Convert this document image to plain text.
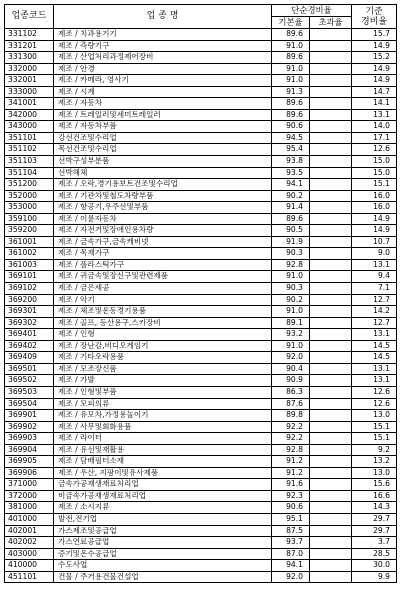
업종코드	업 종 명	단순경비율		기준
경비율
		기본율	초과율	
331102	제조 / 치과용기기	89.6		15.7
331201	제조 / 측량기구	91.0		14.9
331300	제조 / 산업처리과정제어장비	89.6		15.2
332000	제조 / 안경	91.0		14.9
332001	제조 / 카메라, 영사기	91.0		14.9
333000	제조 / 시계	91.3		14.7
341001	제조 / 자동차	89.6		14.1
342000	제조 / 트레일러및세미트레일러	89.6		13.1
343000	제조 / 자동차부품	90.6		14.0
351101	강선건조및수리업	94.5		17.1
351102	목선건조및수리업	95.4		12.6
351103	선박구성부분품	93.8		15.0
351104	선박해체	93.5		15.0
351200	제조 / 오락,경기용보트건조및수리업	94.1		15.1
352000	제조 / 기관차및철도차량부품	90.2		16.0
353000	제조 / 항공기,우주선및부품	91.4		16.0
359100	제조 / 이륜자동차	89.6		14.9
359200	제조 / 자전거및장애인용차량	90.5		14.9
361001	제조 / 금속가구,금속캐비넷	91.9		10.7
361002	제조 / 목재가구	90.3		9.0
361003	제조 / 플라스틱가구	92.8		13.1
369101	제조 / 귀금속및장신구및관련제품	91.0		9.4
369102	제조 / 금은세공	90.3		7.1
369200	제조 / 악기	90.2		12.7
369301	제조 / 체조및운동경기용품	91.0		14.2
369302	제조 / 골프, 등산용구,스키장비	89.1		12.7
369401	제조 / 인형	93.2		13.1
369402	제조 / 장난감,비디오게임기	91.0		14.5
369409	제조 / 기타오락용품	92.0		14.5
369501	제조 / 모조장신품	90.4		13.1
369502	제조 / 가발	90.9		13.1
369503	제조 / 인형및부품	86.3		12.6
369504	제조 / 모피의류	87.6		12.6
369901	제조 / 유모차,가정용놀이기	89.8		13.0
369902	제조 / 사무및회화용품	92.2		15.1
369903	제조 / 라이터	92.2		15.1
369904	제조 / 유선및재활용	92.8		9.2
369905	제조 / 담배필터소재	91.2		13.2
369906	제조 / 우산, 지팡이및유사제품	91.2		13.0
371000	금속가공재생재료처리업	91.6		15.6
372000	비금속가공재생재료처리업	92.3		16.6
381000	제조 / 소시지류	90.6		14.3
401000	발전,전기업	95.1		29.7
402001	가스제조및공급업	87.5		29.7
402002	가스연료공급업	93.7		3.7
403000	증기및온수공급업	87.0		28.5
410000	수도사업	94.1		30.0
451101	건물 / 주거용건물건설업	92.0		9.9
